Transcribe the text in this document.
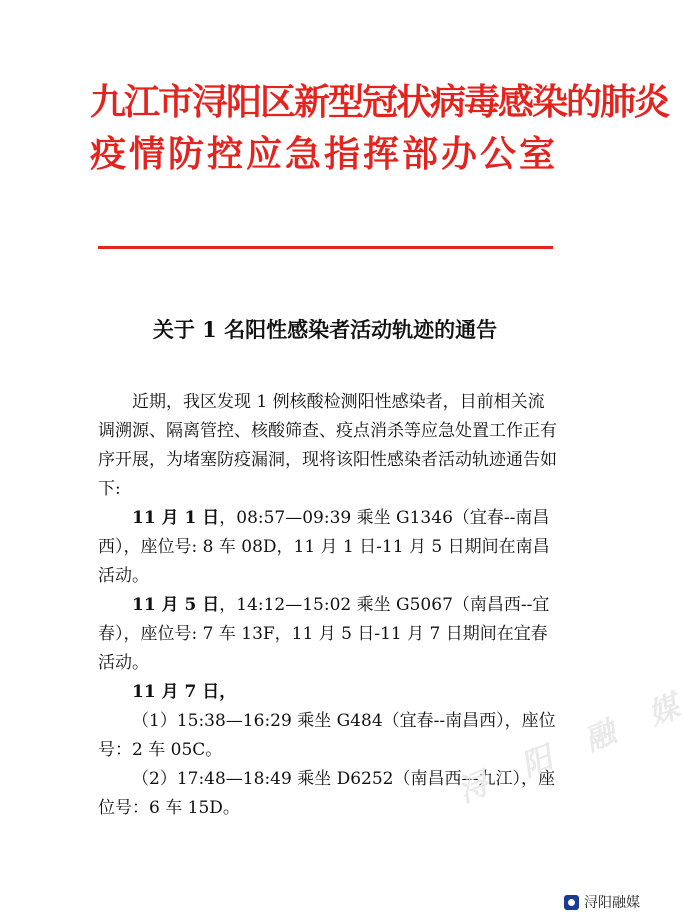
九江市浔阳区新型冠状病毒感染的肺炎
疫情防控应急指挥部办公室
关于 1 名阳性感染者活动轨迹的通告

近期，我区发现 1 例核酸检测阳性感染者，目前相关流调溯源、隔离管控、核酸筛查、疫点消杀等应急处置工作正有序开展，为堵塞防疫漏洞，现将该阳性感染者活动轨迹通告如下:

11 月 1 日，08:57—09:39 乘坐 G1346（宜春--南昌西），座位号: 8 车 08D，11 月 1 日-11 月 5 日期间在南昌活动。

11 月 5 日，14:12—15:02 乘坐 G5067（南昌西--宜春），座位号: 7 车 13F，11 月 5 日-11 月 7 日期间在宜春活动。

11 月 7 日，

（1）15:38—16:29 乘坐 G484（宜春--南昌西），座位号：2 车 05C。

（2）17:48—18:49 乘坐 D6252（南昌西—九江），座位号：6 车 15D。	浔 阳 融 媒
浔阳融媒
